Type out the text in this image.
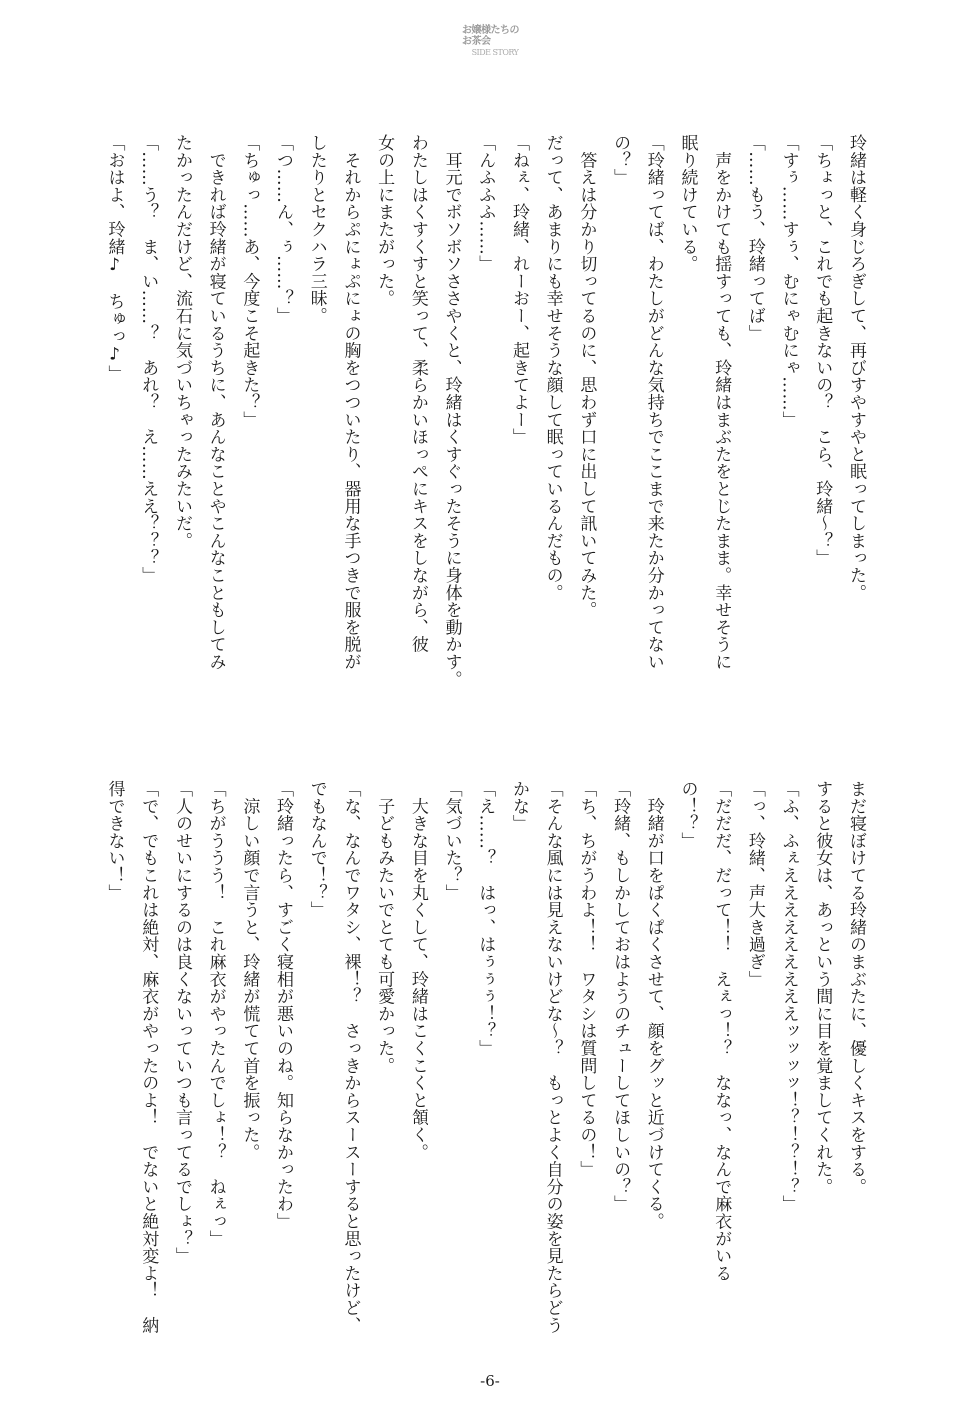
お嬢様たちのお茶会
SIDE STORY

玲緒は軽く身じろぎして、再びすやすやと眠ってしまった。

「ちょっと、これでも起きないの？　こら、玲緒〜？」

「すぅ……すぅ、むにゃむにゃ……」

「……もう、玲緒ってば」

　声をかけても揺すっても、玲緒はまぶたをとじたまま。幸せそうに

眠り続けている。

「玲緒ってば、わたしがどんな気持ちでここまで来たか分かってない

の？」

　答えは分かり切ってるのに、思わず口に出して訊いてみた。

だって、あまりにも幸せそうな顔して眠っているんだもの。

「ねぇ、玲緒、れーおー、起きてよー」

「んふふふ……」

　耳元でボソボソささやくと、玲緒はくすぐったそうに身体を動かす。

わたしはくすくすと笑って、柔らかいほっぺにキスをしながら、彼

女の上にまたがった。

　それからぷにょぷにょの胸をつついたり、器用な手つきで服を脱が

したりとセクハラ三昧。

「つ……ん、ぅ……？」

「ちゅっ……あ、今度こそ起きた？」

　できれば玲緒が寝ているうちに、あんなことやこんなこともしてみ

たかったんだけど、流石に気づいちゃったみたいだ。

「……う？　ま、い……？　あれ？　え……ええ？？？」

「おはよ、玲緒♪　ちゅっ♪」

まだ寝ぼけてる玲緒のまぶたに、優しくキスをする。

すると彼女は、あっという間に目を覚ましてくれた。

「ふ、ふぇえええええええええッッッッ！？！？！？」

「っ、玲緒、声大き過ぎ」

「だだだ、だって！！　えぇっ！？　ななっ、なんで麻衣がいる

の！？」

　玲緒が口をぱくぱくさせて、顔をグッと近づけてくる。

「玲緒、もしかしておはようのチューしてほしいの？」

「ち、ちがうわよ！！　ワタシは質問してるの！」

「そんな風には見えないけどな〜？　もっとよく自分の姿を見たらどう

かな」

「え……？　はっ、はぅぅぅ！？」

「気づいた？」

　大きな目を丸くして、玲緒はこくこくと頷く。

　子どもみたいでとても可愛かった。

「な、なんでワタシ、裸！？　さっきからスースーすると思ったけど、

でもなんで！？」

「玲緒ったら、すごく寝相が悪いのね。知らなかったわ」

　涼しい顔で言うと、玲緒が慌てて首を振った。

「ちがううう！　これ麻衣がやったんでしょ！？　ねぇっ」

「人のせいにするのは良くないっていつも言ってるでしょ？」

「で、でもこれは絶対、麻衣がやったのよ！　でないと絶対変よ！　納

得できない！」

-6-
